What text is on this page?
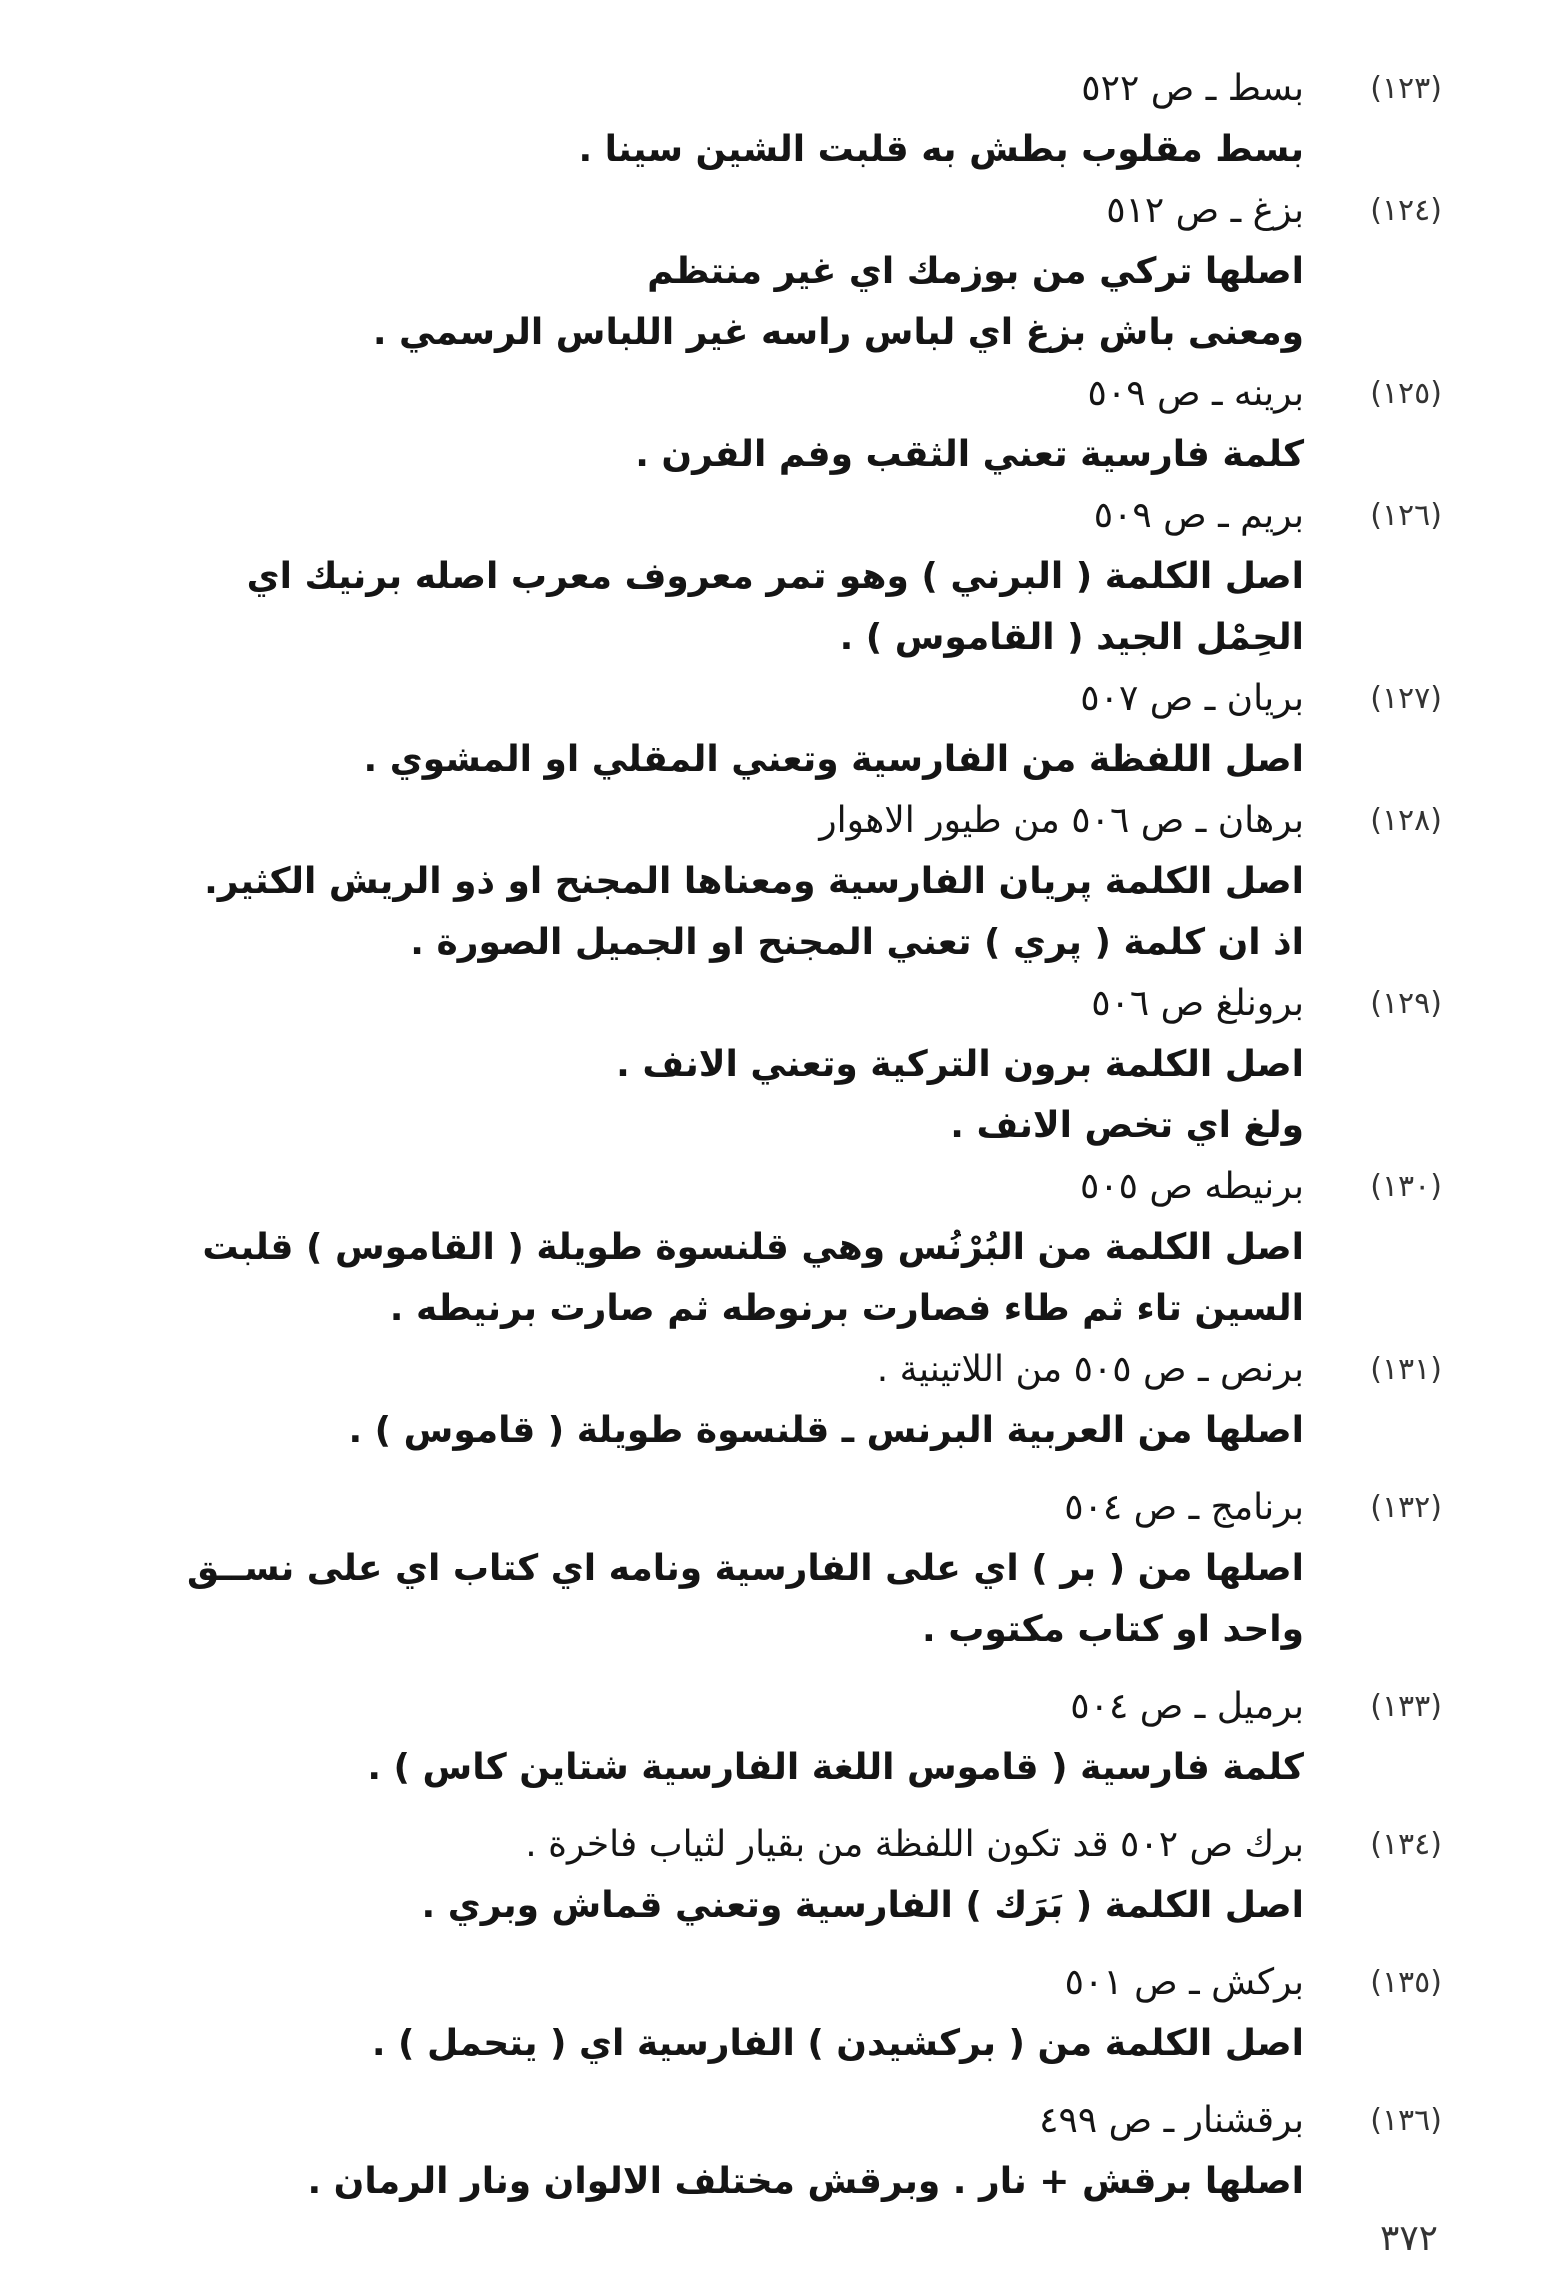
(١٢٣)
بسط ـ ص ٥٢٢
بسط مقلوب بطش به قلبت الشين سينا .
(١٢٤)
بزغ ـ ص ٥١٢
اصلها تركي من بوزمك اي غير منتظم
ومعنى باش بزغ اي لباس راسه غير اللباس الرسمي .
(١٢٥)
برينه ـ ص ٥٠٩
كلمة فارسية تعني الثقب وفم الفرن .
(١٢٦)
بريم ـ ص ٥٠٩
اصل الكلمة ( البرني ) وهو تمر معروف معرب اصله برنيك اي
الحِمْل الجيد ( القاموس ) .
(١٢٧)
بريان ـ ص ٥٠٧
اصل اللفظة من الفارسية وتعني المقلي او المشوي .
(١٢٨)
برهان ـ ص ٥٠٦ من طيور الاهوار
اصل الكلمة پريان الفارسية ومعناها المجنح او ذو الريش الكثير.
اذ ان كلمة ( پري ) تعني المجنح او الجميل الصورة .
(١٢٩)
برونلغ ص ٥٠٦
اصل الكلمة برون التركية وتعني الانف .
ولغ اي تخص الانف .
(١٣٠)
برنيطه ص ٥٠٥
اصل الكلمة من البُرْنُس وهي قلنسوة طويلة ( القاموس ) قلبت
السين تاء ثم طاء فصارت برنوطه ثم صارت برنيطه .
(١٣١)
برنص ـ ص ٥٠٥ من اللاتينية .
اصلها من العربية البرنس ـ قلنسوة طويلة ( قاموس ) .
(١٣٢)
برنامج ـ ص ٥٠٤
اصلها من ( بر ) اي على الفارسية ونامه اي كتاب اي على نســق
واحد او كتاب مكتوب .
(١٣٣)
برميل ـ ص ٥٠٤
كلمة فارسية ( قاموس اللغة الفارسية شتاين كاس ) .
(١٣٤)
برك ص ٥٠٢ قد تكون اللفظة من بقيار لثياب فاخرة .
اصل الكلمة ( بَرَك ) الفارسية وتعني قماش وبري .
(١٣٥)
بركش ـ ص ٥٠١
اصل الكلمة من ( بركشيدن ) الفارسية اي ( يتحمل ) .
(١٣٦)
برقشنار ـ ص ٤٩٩
اصلها برقش + نار . وبرقش مختلف الالوان ونار الرمان .
٣٧٢
